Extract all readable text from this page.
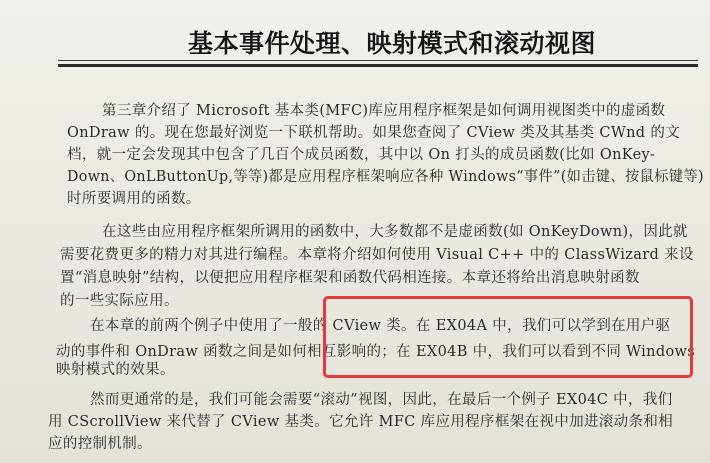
基本事件处理、映射模式和滚动视图
第三章介绍了 Microsoft 基本类(MFC)库应用程序框架是如何调用视图类中的虚函数
OnDraw 的。现在您最好浏览一下联机帮助。如果您查阅了 CView 类及其基类 CWnd 的文
档，就一定会发现其中包含了几百个成员函数，其中以 On 打头的成员函数(比如 OnKey-
Down、OnLButtonUp,等等)都是应用程序框架响应各种 Windows“事件”(如击键、按鼠标键等)
时所要调用的函数。
在这些由应用程序框架所调用的函数中，大多数都不是虚函数(如 OnKeyDown)，因此就
需要花费更多的精力对其进行编程。本章将介绍如何使用 Visual C++ 中的 ClassWizard 来设
置“消息映射”结构，以便把应用程序框架和函数代码相连接。本章还将给出消息映射函数
的一些实际应用。
在本章的前两个例子中使用了一般的 CView 类。在 EX04A 中，我们可以学到在用户驱
动的事件和 OnDraw 函数之间是如何相互影响的；在 EX04B 中，我们可以看到不同 Windows
映射模式的效果。
然而更通常的是，我们可能会需要“滚动”视图，因此，在最后一个例子 EX04C 中，我们
用 CScrollView 来代替了 CView 基类。它允许 MFC 库应用程序框架在视中加进滚动条和相
应的控制机制。
